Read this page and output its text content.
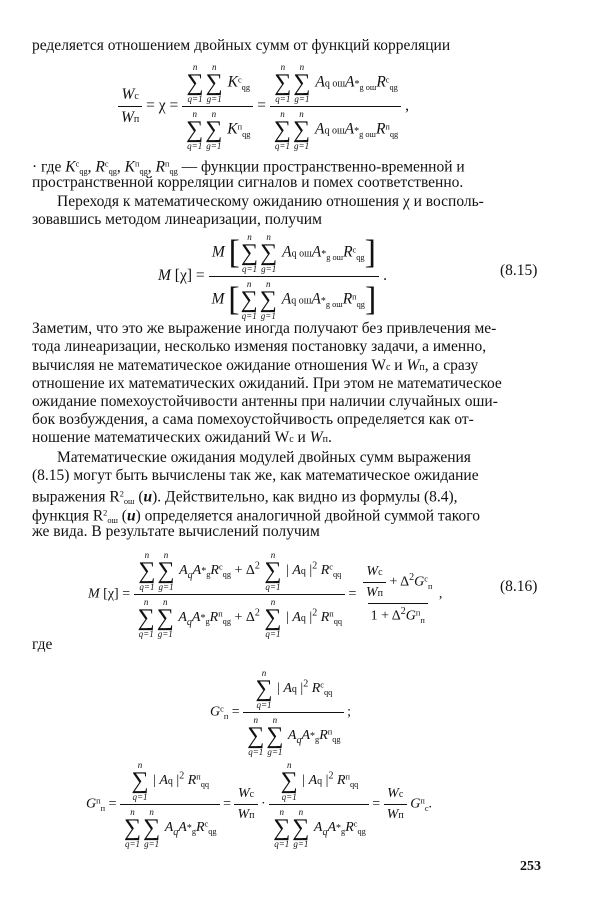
ределяется отношением двойных сумм от функций корреляции
$\frac{Wc}{Wп} = \chi = n$
∑
q=1
n
∑
g=1
$K^c_{qg}$
n
∑
q=1
n
∑
g=1
$K^п_{qg} = n$
∑
q=1
n
∑
g=1
Aq $ошA*_{g ош}R^c_{qg}$
n
∑
q=1
n
∑
g=1
Aq $ошA*_{g ош}R^п_{qg}$ ,
· где $K^c_{qg}$, $R^c_{qg}$, $K^п_{qg}$, $R^п_{qg}$ — функции пространственно-временной и
пространственной корреляции сигналов и помех соответственно.
Переходя к математическому ожиданию отношения χ и восполь-
зовавшись методом линеаризации, получим
M [χ] = M [ n
∑
q=1
n
∑
g=1
Aq $ошA*_{g ош}R^c_{qg}$]
M [ n
∑
q=1
n
∑
g=1
Aq $ошA*_{g ош}R^п_{qg}$] .	(8.15)
Заметим, что это же выражение иногда получают без привлечения ме-
тода линеаризации, несколько изменяя постановку задачи, а именно,
вычисляя не математическое ожидание отношения Wc и Wп, а сразу
отношение их математических ожиданий. При этом не математическое
ожидание помехоустойчивости антенны при наличии случайных оши-
бок возбуждения, а сама помехоустойчивость определяется как от-
ношение математических ожиданий Wc и Wп.
Математические ожидания модулей двойных сумм выражения
(8.15) могут быть вычислены так же, как математическое ожидание
выражения $R^2_{ош}$ (u). Действительно, как видно из формулы (8.4),
функция $R^2_{ош}$ (u) определяется аналогичной двойной суммой такого
же вида. В результате вычислений получим
M [χ] = n
∑
q=1
n
∑
g=1
$A_qA*_gR^c_{qg} + \Delta^2$
n
∑
q=1
| Aq $|^2$ $R^c_{qq}$
n
∑
q=1
n
∑
g=1
$A_qA*_gR^п_{qg} + \Delta^2$
n
∑
q=1
| Aq $|^2$ $R^п_{qq} = \frac{\frac{Wc}{Wп} + \Delta^2G^c_п}{1 + \Delta^2G^п_п}$ ,	(8.16)
где
$G^c_п = n$
∑
q=1
| Aq $|^2$ $R^c_{qq}$
n
∑
q=1
n
∑
g=1
$A_qA*_gR^п_{qg}$ ;
$G^п_п = n$
∑
q=1
| Aq $|^2$ $R^п_{qq}$
n
∑
q=1
n
∑
g=1
$A_qA*_gR^c_{qg} = \frac{Wc}{Wп} \cdot n$
∑
q=1
| Aq $|^2$ $R^п_{qq}$
n
∑
q=1
n
∑
g=1
$A_qA*_gR^c_{qg} = \frac{Wc}{Wп} G^п_c$.
253
